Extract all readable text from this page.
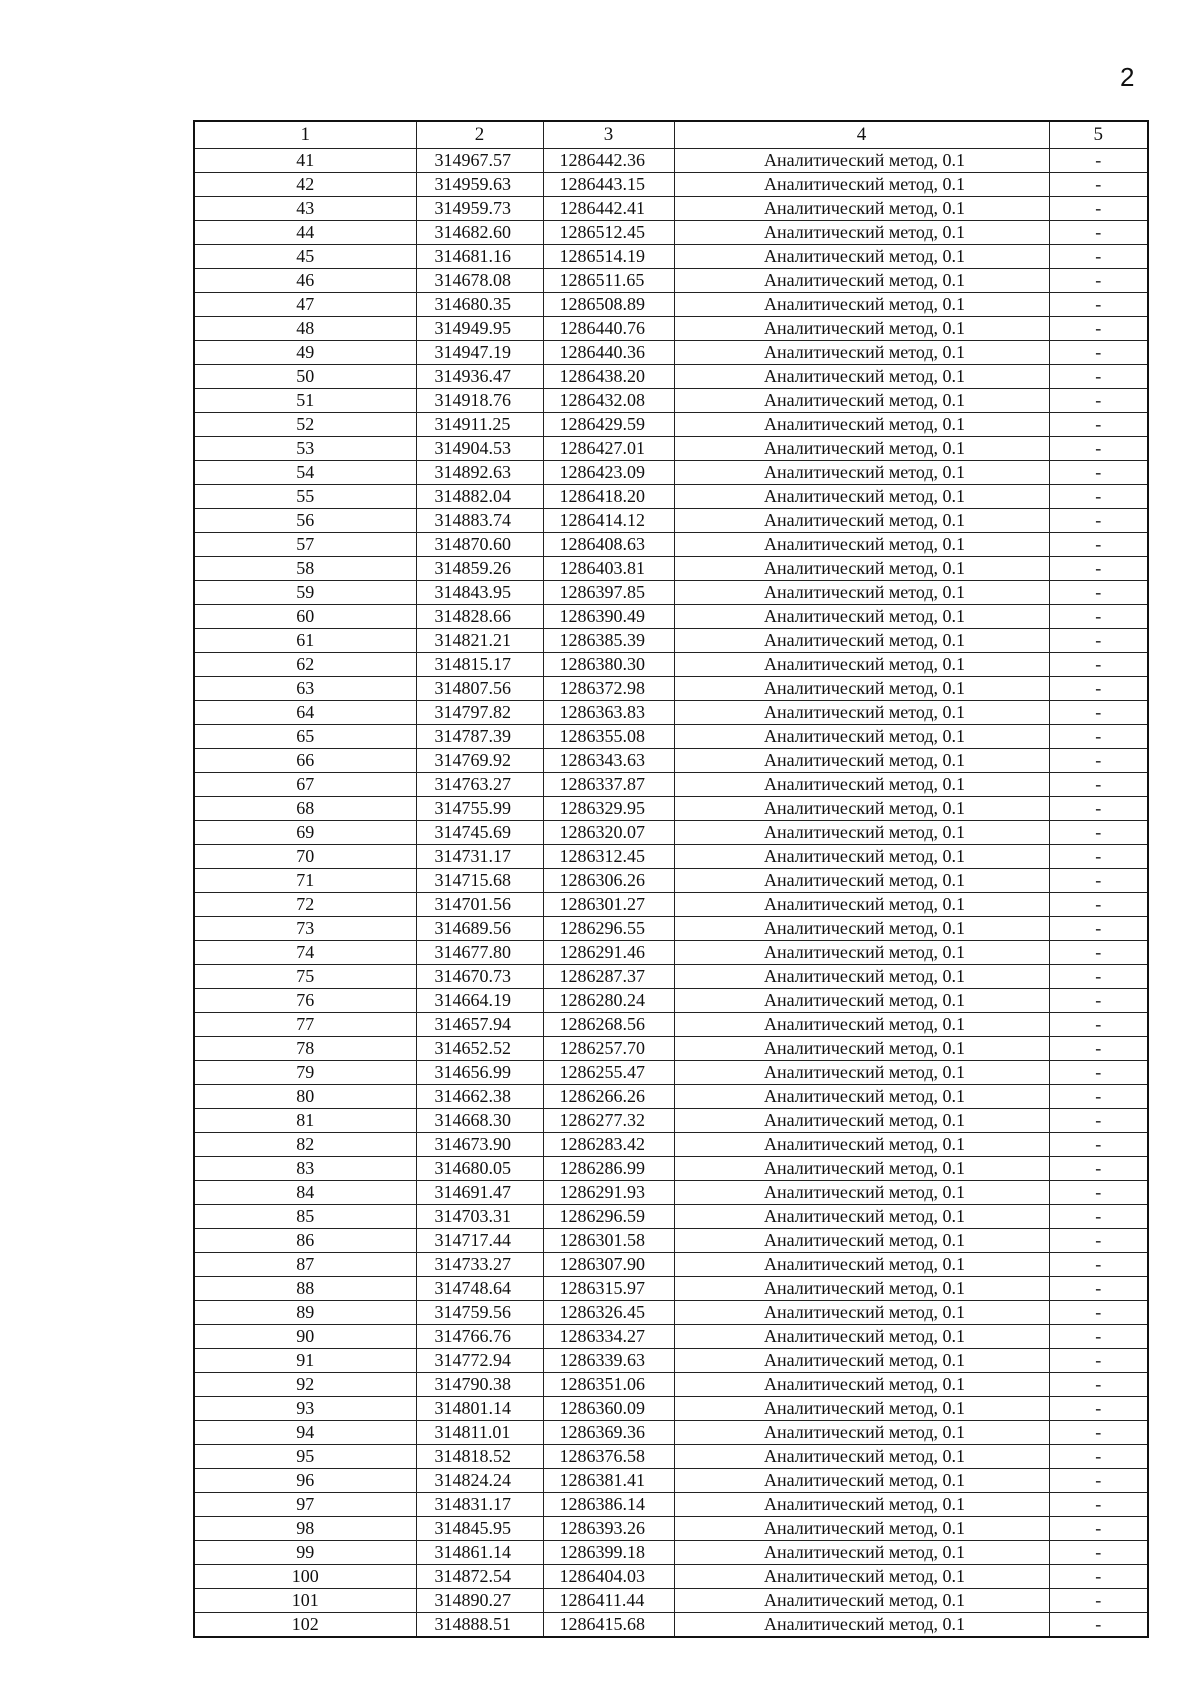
2
1	2	3	4	5
41	314967.57	1286442.36	Аналитический метод, 0.1	-
42	314959.63	1286443.15	Аналитический метод, 0.1	-
43	314959.73	1286442.41	Аналитический метод, 0.1	-
44	314682.60	1286512.45	Аналитический метод, 0.1	-
45	314681.16	1286514.19	Аналитический метод, 0.1	-
46	314678.08	1286511.65	Аналитический метод, 0.1	-
47	314680.35	1286508.89	Аналитический метод, 0.1	-
48	314949.95	1286440.76	Аналитический метод, 0.1	-
49	314947.19	1286440.36	Аналитический метод, 0.1	-
50	314936.47	1286438.20	Аналитический метод, 0.1	-
51	314918.76	1286432.08	Аналитический метод, 0.1	-
52	314911.25	1286429.59	Аналитический метод, 0.1	-
53	314904.53	1286427.01	Аналитический метод, 0.1	-
54	314892.63	1286423.09	Аналитический метод, 0.1	-
55	314882.04	1286418.20	Аналитический метод, 0.1	-
56	314883.74	1286414.12	Аналитический метод, 0.1	-
57	314870.60	1286408.63	Аналитический метод, 0.1	-
58	314859.26	1286403.81	Аналитический метод, 0.1	-
59	314843.95	1286397.85	Аналитический метод, 0.1	-
60	314828.66	1286390.49	Аналитический метод, 0.1	-
61	314821.21	1286385.39	Аналитический метод, 0.1	-
62	314815.17	1286380.30	Аналитический метод, 0.1	-
63	314807.56	1286372.98	Аналитический метод, 0.1	-
64	314797.82	1286363.83	Аналитический метод, 0.1	-
65	314787.39	1286355.08	Аналитический метод, 0.1	-
66	314769.92	1286343.63	Аналитический метод, 0.1	-
67	314763.27	1286337.87	Аналитический метод, 0.1	-
68	314755.99	1286329.95	Аналитический метод, 0.1	-
69	314745.69	1286320.07	Аналитический метод, 0.1	-
70	314731.17	1286312.45	Аналитический метод, 0.1	-
71	314715.68	1286306.26	Аналитический метод, 0.1	-
72	314701.56	1286301.27	Аналитический метод, 0.1	-
73	314689.56	1286296.55	Аналитический метод, 0.1	-
74	314677.80	1286291.46	Аналитический метод, 0.1	-
75	314670.73	1286287.37	Аналитический метод, 0.1	-
76	314664.19	1286280.24	Аналитический метод, 0.1	-
77	314657.94	1286268.56	Аналитический метод, 0.1	-
78	314652.52	1286257.70	Аналитический метод, 0.1	-
79	314656.99	1286255.47	Аналитический метод, 0.1	-
80	314662.38	1286266.26	Аналитический метод, 0.1	-
81	314668.30	1286277.32	Аналитический метод, 0.1	-
82	314673.90	1286283.42	Аналитический метод, 0.1	-
83	314680.05	1286286.99	Аналитический метод, 0.1	-
84	314691.47	1286291.93	Аналитический метод, 0.1	-
85	314703.31	1286296.59	Аналитический метод, 0.1	-
86	314717.44	1286301.58	Аналитический метод, 0.1	-
87	314733.27	1286307.90	Аналитический метод, 0.1	-
88	314748.64	1286315.97	Аналитический метод, 0.1	-
89	314759.56	1286326.45	Аналитический метод, 0.1	-
90	314766.76	1286334.27	Аналитический метод, 0.1	-
91	314772.94	1286339.63	Аналитический метод, 0.1	-
92	314790.38	1286351.06	Аналитический метод, 0.1	-
93	314801.14	1286360.09	Аналитический метод, 0.1	-
94	314811.01	1286369.36	Аналитический метод, 0.1	-
95	314818.52	1286376.58	Аналитический метод, 0.1	-
96	314824.24	1286381.41	Аналитический метод, 0.1	-
97	314831.17	1286386.14	Аналитический метод, 0.1	-
98	314845.95	1286393.26	Аналитический метод, 0.1	-
99	314861.14	1286399.18	Аналитический метод, 0.1	-
100	314872.54	1286404.03	Аналитический метод, 0.1	-
101	314890.27	1286411.44	Аналитический метод, 0.1	-
102	314888.51	1286415.68	Аналитический метод, 0.1	-
